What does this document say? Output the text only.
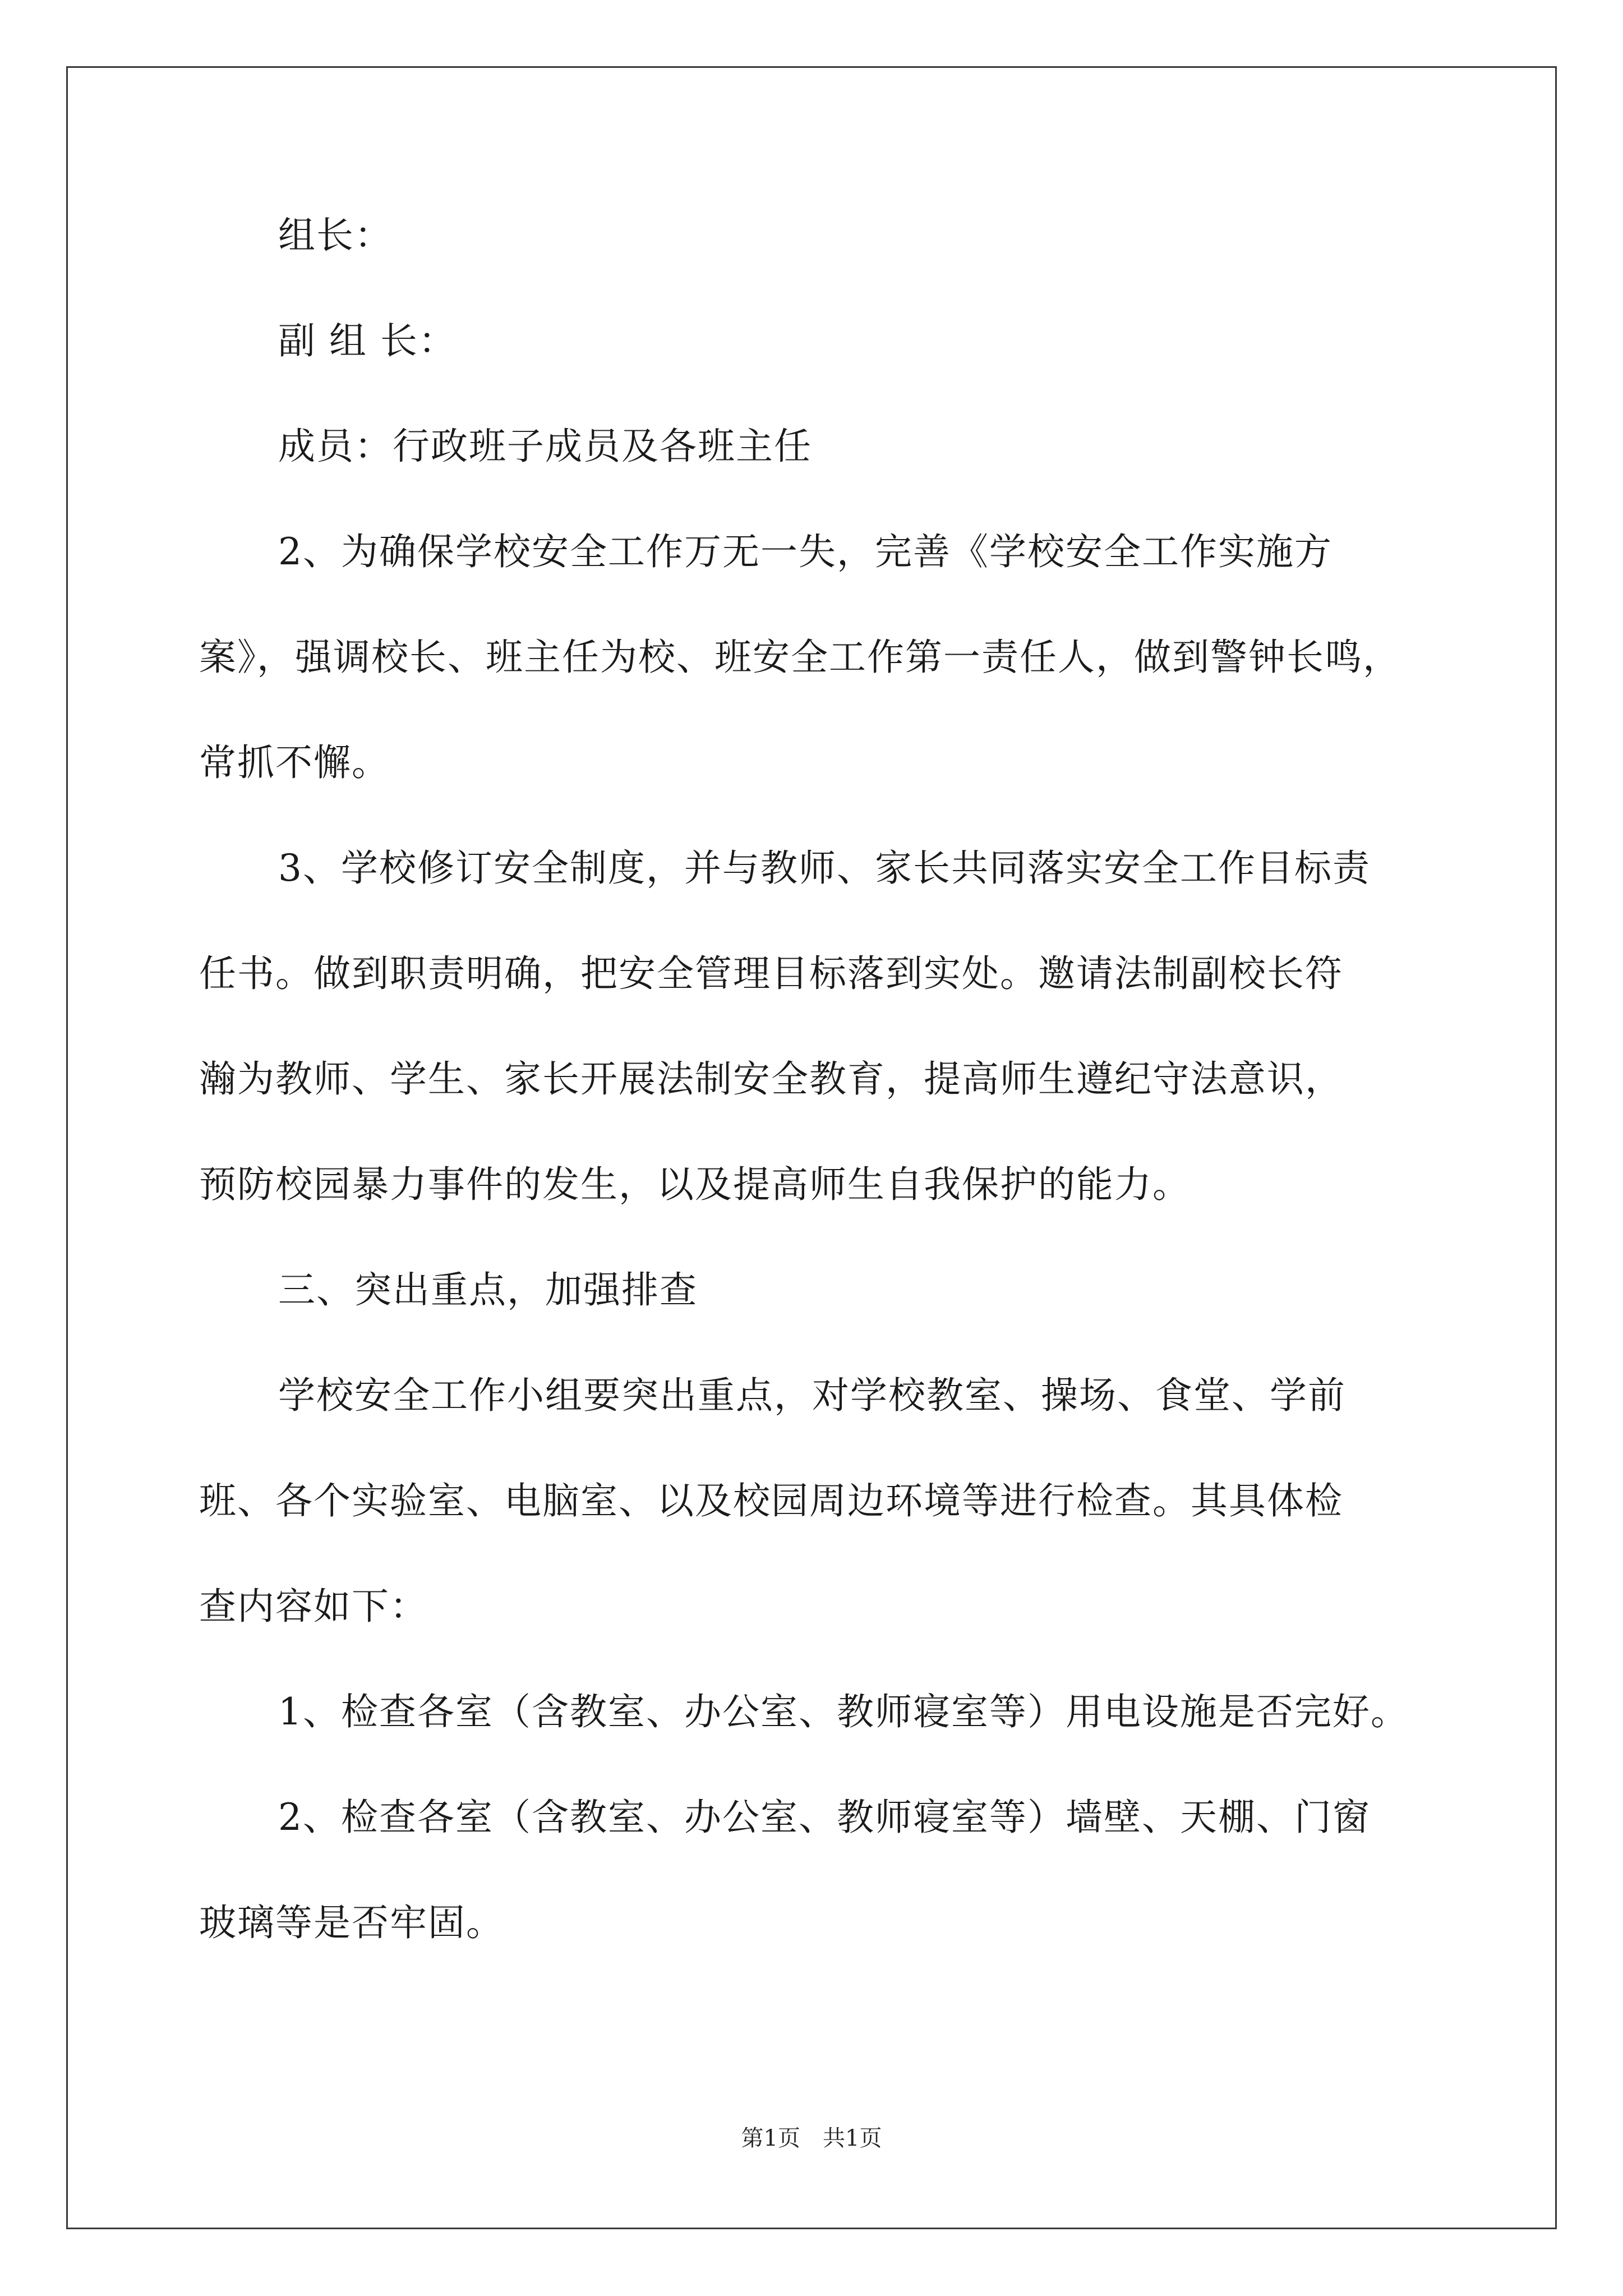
组长：
副 组 长：
成员：行政班子成员及各班主任
2、为确保学校安全工作万无一失，完善《学校安全工作实施方
案》，强调校长、班主任为校、班安全工作第一责任人，做到警钟长鸣，
常抓不懈。
3、学校修订安全制度，并与教师、家长共同落实安全工作目标责
任书。做到职责明确，把安全管理目标落到实处。邀请法制副校长符
瀚为教师、学生、家长开展法制安全教育，提高师生遵纪守法意识，
预防校园暴力事件的发生，以及提高师生自我保护的能力。
三、突出重点，加强排查
学校安全工作小组要突出重点，对学校教室、操场、食堂、学前
班、各个实验室、电脑室、以及校园周边环境等进行检查。其具体检
查内容如下：
1、检查各室（含教室、办公室、教师寝室等）用电设施是否完好。
2、检查各室（含教室、办公室、教师寝室等）墙壁、天棚、门窗
玻璃等是否牢固。
第1页　共1页
